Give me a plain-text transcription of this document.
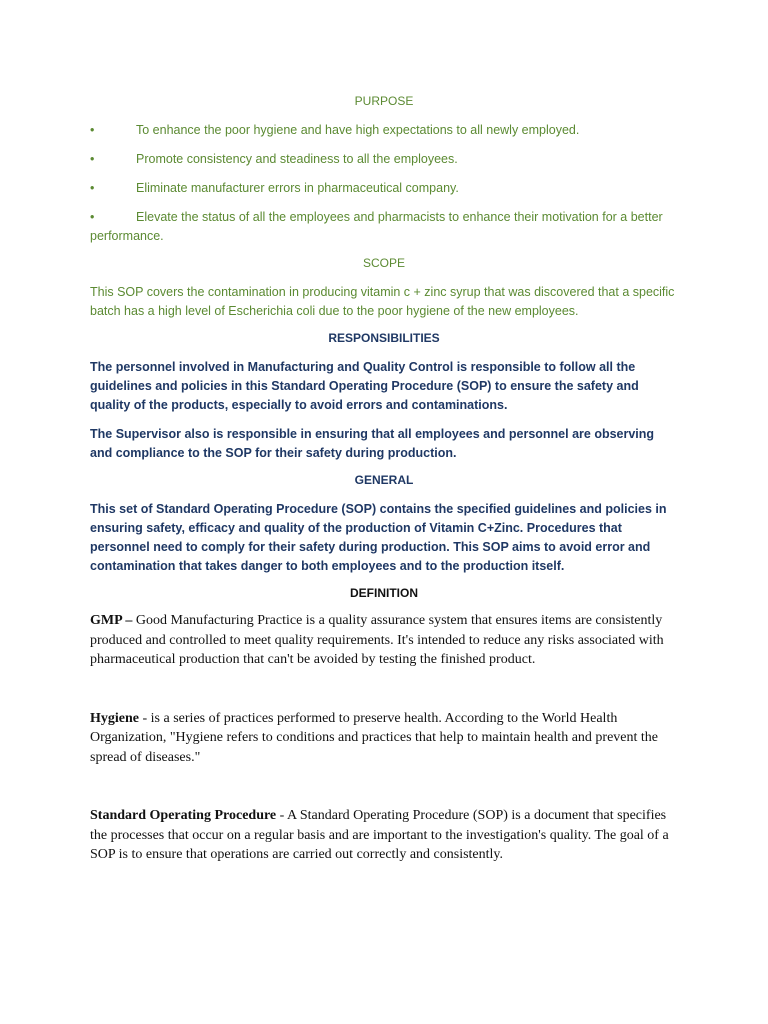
PURPOSE
•	To enhance the poor hygiene and have high expectations to all newly employed.
•	Promote consistency and steadiness to all the employees.
•	Eliminate manufacturer errors in pharmaceutical company.
•	Elevate the status of all the employees and pharmacists to enhance their motivation for a better performance.
SCOPE

This SOP covers the contamination in producing vitamin c + zinc syrup that was discovered that a specific batch has a high level of Escherichia coli due to the poor hygiene of the new employees.

RESPONSIBILITIES

The personnel involved in Manufacturing and Quality Control is responsible to follow all the guidelines and policies in this Standard Operating Procedure (SOP) to ensure the safety and quality of the products, especially to avoid errors and contaminations.

The Supervisor also is responsible in ensuring that all employees and personnel are observing and compliance to the SOP for their safety during production.

GENERAL

This set of Standard Operating Procedure (SOP) contains the specified guidelines and policies in ensuring safety, efficacy and quality of the production of Vitamin C+Zinc. Procedures that personnel need to comply for their safety during production. This SOP aims to avoid error and contamination that takes danger to both employees and to the production itself.

DEFINITION

GMP – Good Manufacturing Practice is a quality assurance system that ensures items are consistently produced and controlled to meet quality requirements. It's intended to reduce any risks associated with pharmaceutical production that can't be avoided by testing the finished product.

Hygiene - is a series of practices performed to preserve health. According to the World Health Organization, "Hygiene refers to conditions and practices that help to maintain health and prevent the spread of diseases."

Standard Operating Procedure - A Standard Operating Procedure (SOP) is a document that specifies the processes that occur on a regular basis and are important to the investigation's quality. The goal of a SOP is to ensure that operations are carried out correctly and consistently.
